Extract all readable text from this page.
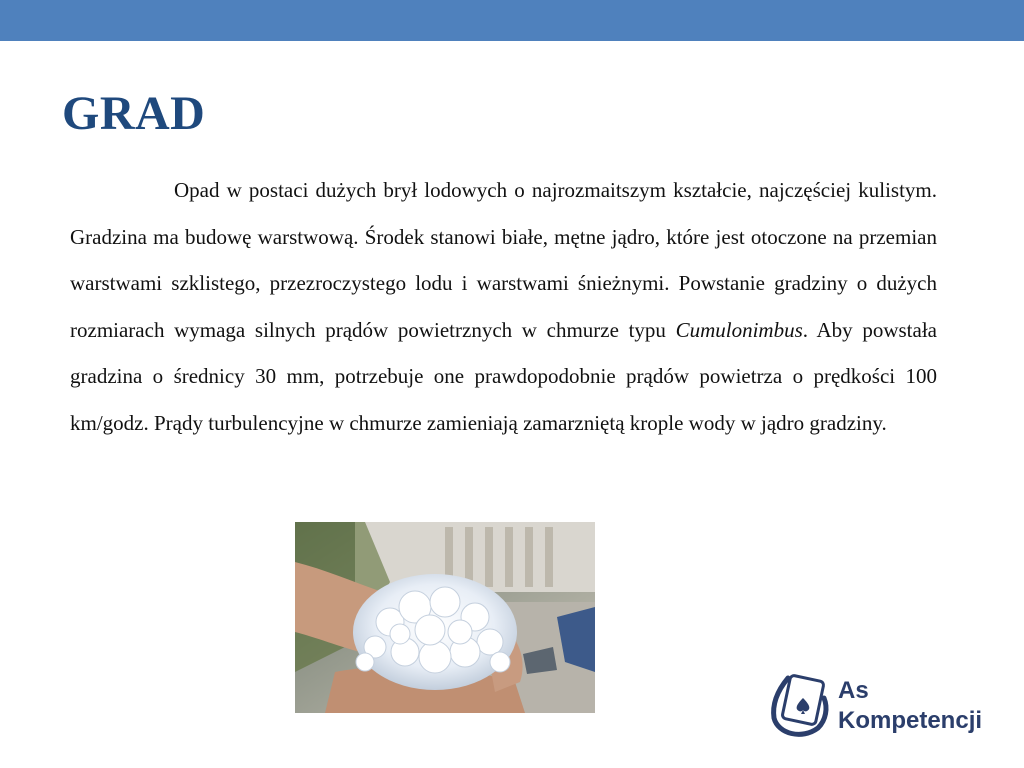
GRAD

Opad w postaci dużych brył lodowych o najrozmaitszym kształcie, najczęściej kulistym. Gradzina ma budowę warstwową. Środek stanowi białe, mętne jądro, które jest otoczone na przemian warstwami szklistego, przezroczystego lodu i warstwami śnieżnymi. Powstanie gradziny o dużych rozmiarach wymaga silnych prądów powietrznych w chmurze typu Cumulonimbus. Aby powstała gradzina o średnicy 30 mm, potrzebuje one prawdopodobnie prądów powietrza o prędkości 100 km/godz. Prądy turbulencyjne w chmurze zamieniają zamarzniętą krople wody w jądro gradziny.

As
Kompetencji
